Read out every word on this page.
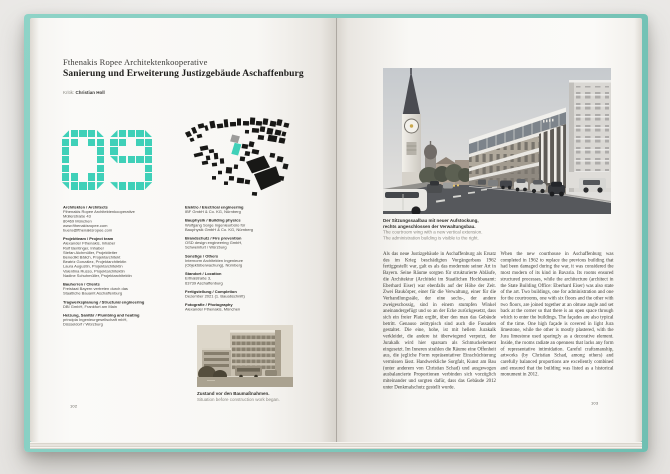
Fthenakis Ropee Architektenkooperative
Sanierung und Erweiterung Justizgebäude Aschaffenburg
Kritik: Christian Holl
Architekten / Architects
Fthenakis Ropee Architektenkooperative
Müllerstraße 43
80469 München
www.fthenakisropee.com
buero@fthenakisropee.com
Projektteam / Project team
Alexander Fthenakis, Inhaber
Rolf Bentinger, Inhaber
Stefan Aichmüller, Projektleiter
Benedikt Bälich, Projektarchitekt
Beatriz González, Projektarchitektin
Laura Augustin, Projektarchitektin
Valentina Russo, Projektarchitektin
Nadine Schuhmüller, Projektarchitektin
Bauherren / Clients
Freistaat Bayern vertreten durch das
Staatliche Bauamt Aschaffenburg
Tragwerksplanung / Structural engineering
DBI GmbH, Frankfurt am Main
Heizung, Sanitär / Plumbing and heating
principia Ingenieurgesellschaft mbH,
Düsseldorf / Würzburg
Elektro / Electrical engineering
IBF GmbH & Co. KG, Nürnberg
Bauphysik / Building physics
Wolfgang Sorge Ingenieurbüro für
Bauphysik GmbH & Co. KG, Nürnberg
Brandschutz / Fire prevention
OSD design engineering GmbH,
Schweinfurt / Würzburg
Sonstige / Others
Internorm Architekten Ingenieure
(Objektüberwachung), Nürnberg
Standort / Location
Erthalstraße 3,
63739 Aschaffenburg
Fertigstellung / Completion
Dezember 2021 (1. Bauabschnitt)
Fotografie / Photography
Alexander Fthenakis, München
Zustand vor den Baumaßnahmen.
Situation before construction work began.
102
Der Sitzungssaalbau mit neuer Aufstockung,
rechts angeschlossen der Verwaltungsbau.
The courtroom wing with a new vertical extension.
The administration building is visible to the right.
Als das neue Justizgebäude in Aschaffenburg als Ersatz des im Krieg beschädigten Vorgängerbaus 1962 fertiggestellt war, galt es als das modernste seiner Art in Bayern. Seine Räume sorgten für strukturierte Abläufe, die Architektur (Architekt im Staatlichen Hochbauamt: Eberhard Eiser) war ebenfalls auf der Höhe der Zeit. Zwei Baukörper, einer für die Verwaltung, einer für die Verhandlungssäle, der eine sechs-, der andere zweigeschossig, sind in einem stumpfen Winkel aneinandergefügt und so an der Ecke zurückgesetzt, dass sich ein freier Platz ergibt, über den man das Gebäude betritt. Genauso zeittypisch sind auch die Fassaden gestaltet. Die eine, hohe, ist mit hellem Jurakalk verkleidet, die andere ist überwiegend verputzt, der Jurakalk wird hier sparsam als Schmuckelement eingesetzt. Im Inneren strahlen die Räume eine Offenheit aus, die jegliche Form repräsentativer Einschüchterung vermissen lässt. Handwerkliche Sorgfalt, Kunst am Bau (unter anderem von Christian Schad) und ausgewogen ausbalancierte Proportionen verbinden sich vorzüglich miteinander und sorgten dafür, dass das Gebäude 2012 unter Denkmalschutz gestellt wurde.
When the new courthouse in Aschaffenburg was completed in 1962 to replace the previous building that had been damaged during the war, it was considered the most modern of its kind in Bavaria. Its rooms ensured structured processes, while the architecture (architect in the State Building Office: Eberhard Eiser) was also state of the art. Two buildings, one for administration and one for the courtrooms, one with six floors and the other with two floors, are joined together at an obtuse angle and set back at the corner so that there is an open space through which to enter the buildings. The façades are also typical of the time. One high façade is covered in light Jura limestone, while the other is mostly plastered, with the Jura limestone used sparingly as a decorative element. Inside, the rooms radiate an openness that lacks any form of representative intimidation. Careful craftsmanship, artworks (by Christian Schad, among others) and carefully balanced proportions are excellently combined and ensured that the building was listed as a historical monument in 2012.
103
